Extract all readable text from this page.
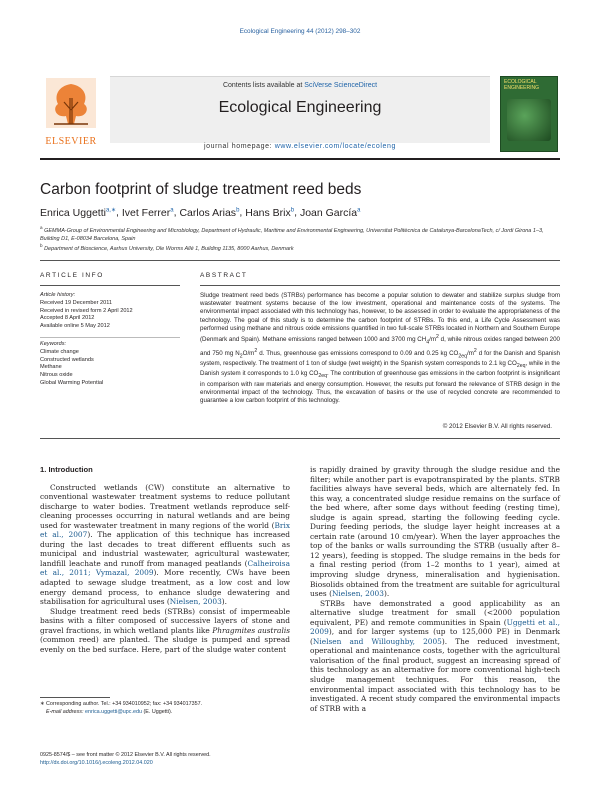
Ecological Engineering 44 (2012) 298–302
ELSEVIER
Contents lists available at SciVerse ScienceDirect
Ecological Engineering
journal homepage: www.elsevier.com/locate/ecoleng
ECOLOGICAL ENGINEERING
Carbon footprint of sludge treatment reed beds
Enrica Uggetti$^{a,∗}$, Ivet Ferrer$^a$, Carlos Arias$^b$, Hans Brix$^b$, Joan García$^a$
$^a$ GEMMA-Group of Environmental Engineering and Microbiology, Department of Hydraulic, Maritime and Environmental Engineering, Universitat Politècnica de Catalunya-BarcelonaTech, c/ Jordi Girona 1–3, Building D1, E-08034 Barcelona, Spain
$^b$ Department of Bioscience, Aarhus University, Ole Worms Allé 1, Building 1135, 8000 Aarhus, Denmark
ARTICLE INFO	ABSTRACT
Article history:
Received 19 December 2011
Received in revised form 2 April 2012
Accepted 8 April 2012
Available online 5 May 2012
Keywords:
Climate change
Constructed wetlands
Methane
Nitrous oxide
Global Warming Potential
Sludge treatment reed beds (STRBs) performance has become a popular solution to dewater and stabilize surplus sludge from wastewater treatment systems because of the low investment, operational and maintenance costs of the systems. The environmental impact associated with this technology has, however, to be assessed in order to evaluate the appropriateness of the technology. The goal of this study is to determine the carbon footprint of STRBs. To this end, a Life Cycle Assessment was performed using methane and nitrous oxide emissions quantified in two full-scale STRBs located in Northern and Southern Europe (Denmark and Spain). Methane emissions ranged between 1000 and 3700 mg $CH_4/m^2$ d, while nitrous oxides ranged between 200 and 750 mg $N_2O/m^2$ d. Thus, greenhouse gas emissions correspond to 0.09 and 0.25 kg $CO_{2eq}/m^2$ d for the Danish and Spanish system, respectively. The treatment of 1 ton of sludge (wet weight) in the Spanish system corresponds to 2.1 kg $CO_{2eq}$, while in the Danish system it corresponds to 1.0 kg $CO_{2eq}$. The contribution of greenhouse gas emissions in the carbon footprint is insignificant in comparison with raw materials and energy consumption. However, the results put forward the relevance of STRB design in the environmental impact of the technology. Thus, the excavation of basins or the use of recycled concrete are recommended to guarantee a low carbon footprint of this technology.
© 2012 Elsevier B.V. All rights reserved.

1. Introduction

Constructed wetlands (CW) constitute an alternative to conventional wastewater treatment systems to reduce pollutant discharge to water bodies. Treatment wetlands reproduce self-cleaning processes occurring in natural wetlands and are being used for wastewater treatment in many regions of the world (Brix et al., 2007). The application of this technique has increased during the last decades to treat different effluents such as municipal and industrial wastewater, agricultural wastewater, landfill leachate and runoff from managed peatlands (Calheiroisa et al., 2011; Vymazal, 2009). More recently, CWs have been adapted to sewage sludge treatment, as a low cost and low energy demand process, to enhance sludge dewatering and stabilisation for agricultural uses (Nielsen, 2003).

Sludge treatment reed beds (STRBs) consist of impermeable basins with a filter composed of successive layers of stone and gravel fractions, in which wetland plants like Phragmites australis (common reed) are planted. The sludge is pumped and spread evenly on the bed surface. Here, part of the sludge water content

is rapidly drained by gravity through the sludge residue and the filter; while another part is evapotranspirated by the plants. STRB facilities always have several beds, which are alternately fed. In this way, a concentrated sludge residue remains on the surface of the bed where, after some days without feeding (resting time), sludge is again spread, starting the following feeding cycle. During feeding periods, the sludge layer height increases at a certain rate (around 10 cm/year). When the layer approaches the top of the banks or walls surrounding the STRB (usually after 8–12 years), feeding is stopped. The sludge remains in the beds for a final resting period (from 1–2 months to 1 year), aimed at improving sludge dryness, mineralisation and hygienisation. Biosolids obtained from the treatment are suitable for agricultural uses (Nielsen, 2003).

STRBs have demonstrated a good applicability as an alternative sludge treatment for small (<2000 population equivalent, PE) and remote communities in Spain (Uggetti et al., 2009), and for larger systems (up to 125,000 PE) in Denmark (Nielsen and Willoughby, 2005). The reduced investment, operational and maintenance costs, together with the agricultural valorisation of the final product, suggest an increasing spread of this technology as an alternative for more conventional high-tech sludge management techniques. For this reason, the environmental impact associated with this technology has to be investigated. A recent study compared the environmental impacts of STRB with a

∗ Corresponding author. Tel.: +34 934010952; fax: +34 934017357.
E-mail address: enrica.uggetti@upc.edu (E. Uggetti).
0925-8574/$ – see front matter © 2012 Elsevier B.V. All rights reserved.
http://dx.doi.org/10.1016/j.ecoleng.2012.04.020
